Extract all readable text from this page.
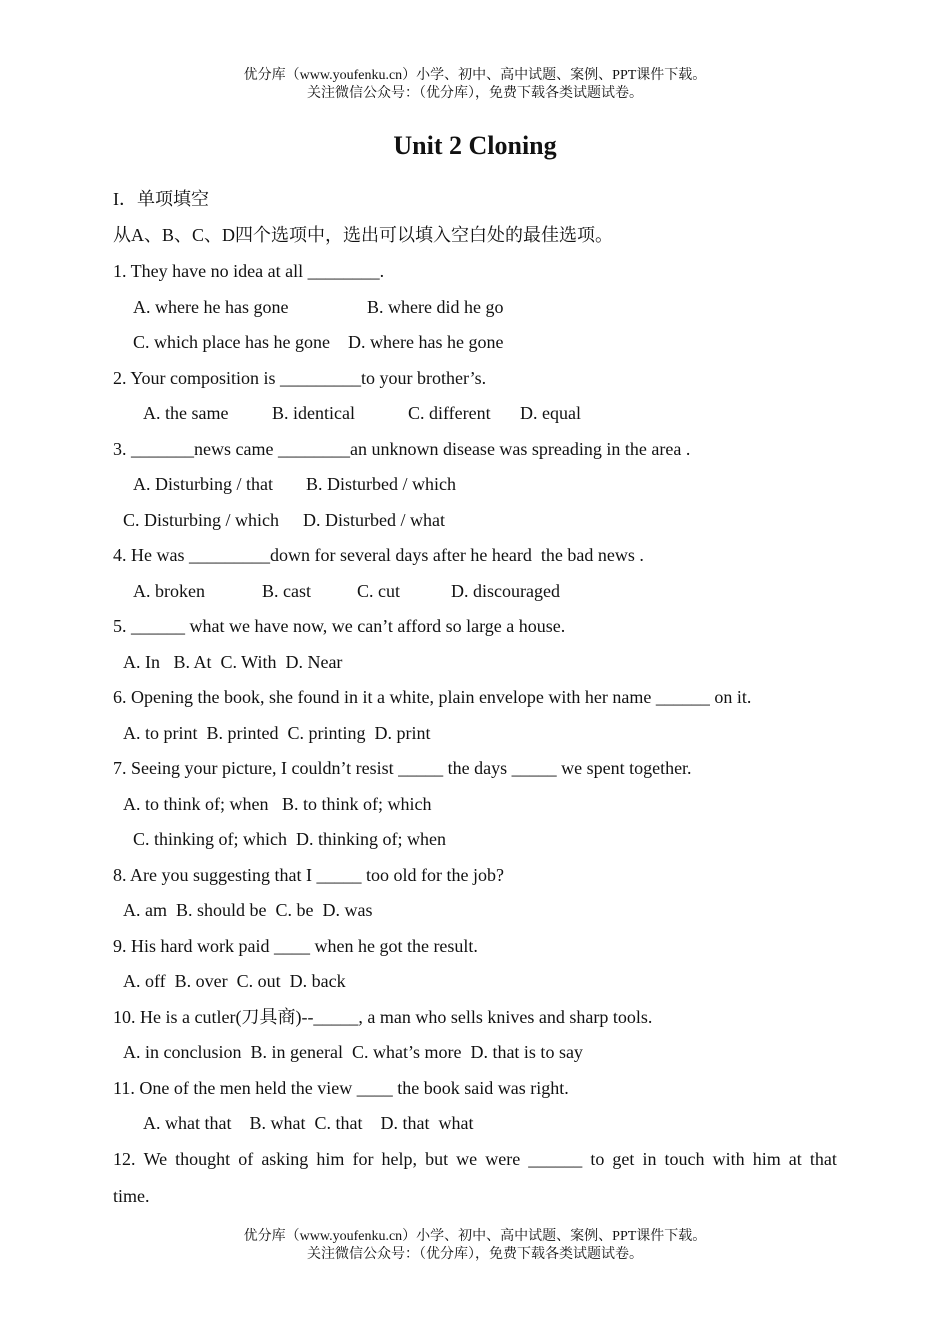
优分库（www.youfenku.cn）小学、初中、高中试题、案例、PPT课件下载。
关注微信公众号：（优分库），免费下载各类试题试卷。
Unit 2 Cloning
I．单项填空
从A、B、C、D四个选项中，选出可以填入空白处的最佳选项。
1. They have no idea at all ________.
A. where he has gone	B. where did he go
C. which place has he gone D. where has he gone
2. Your composition is _________to your brother’s.
A. the same B. identical	C. different D. equal
3. _______news came ________an unknown disease was spreading in the area .
A. Disturbing / that B. Disturbed / which
C. Disturbing / which D. Disturbed / what
4. He was _________down for several days after he heard  the bad news .
A. broken	B. cast	C. cut	D. discouraged
5. ______ what we have now, we can’t afford so large a house.
A. In   B. At  C. With  D. Near
6. Opening the book, she found in it a white, plain envelope with her name ______ on it.
A. to print  B. printed  C. printing  D. print
7. Seeing your picture, I couldn’t resist _____ the days _____ we spent together.
A. to think of; when   B. to think of; which
C. thinking of; which  D. thinking of; when
8. Are you suggesting that I _____ too old for the job?
A. am  B. should be  C. be  D. was
9. His hard work paid ____ when he got the result.
A. off  B. over  C. out  D. back
10. He is a cutler(刀具商)--_____, a man who sells knives and sharp tools.
A. in conclusion  B. in general  C. what’s more  D. that is to say
11. One of the men held the view ____ the book said was right.
A. what that    B. what  C. that    D. that  what
12. We thought of asking him for help, but we were ______ to get in touch with him at that
time.
优分库（www.youfenku.cn）小学、初中、高中试题、案例、PPT课件下载。
关注微信公众号：（优分库），免费下载各类试题试卷。
